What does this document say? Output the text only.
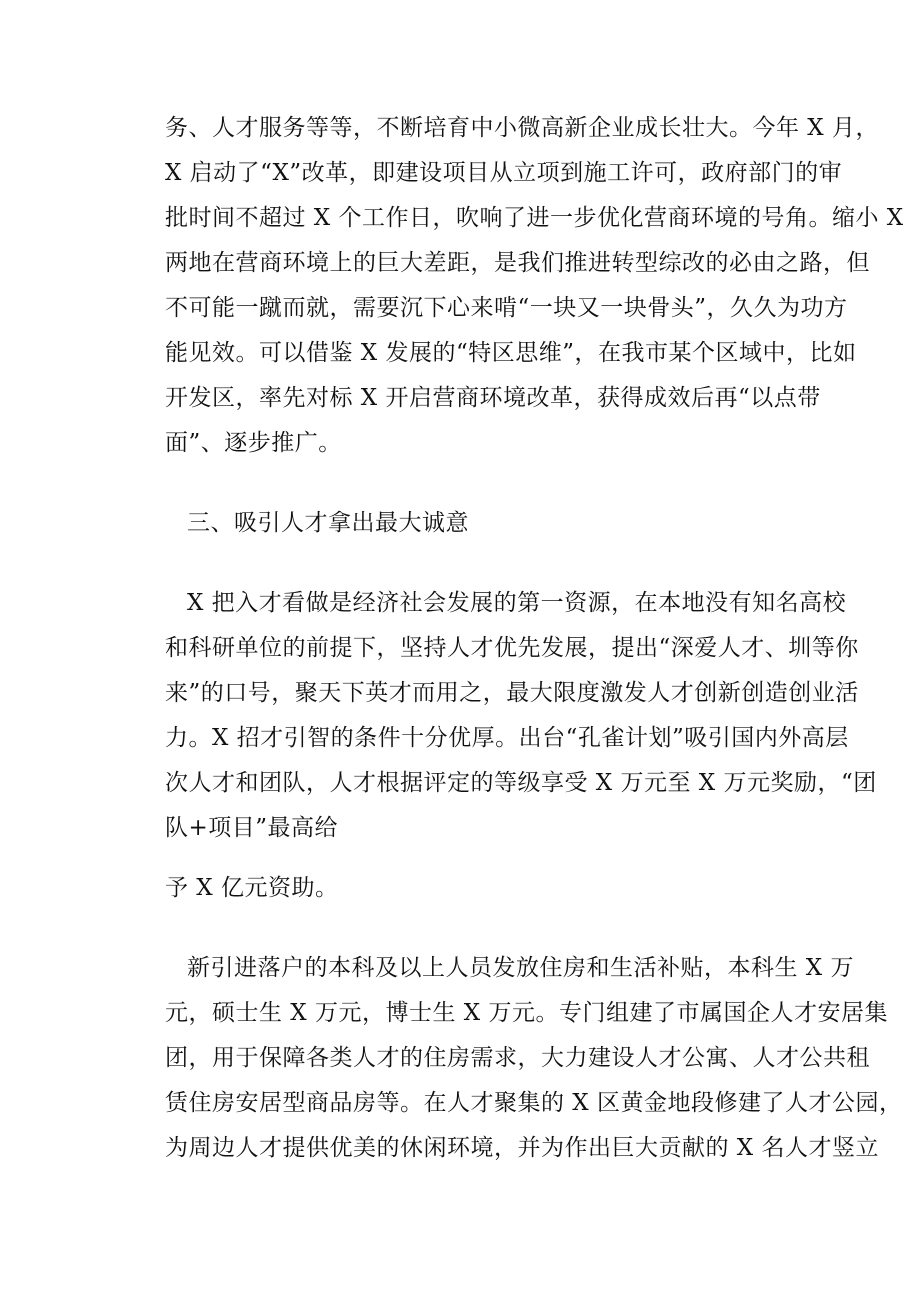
务、人才服务等等，不断培育中小微高新企业成长壮大。今年 X 月，
X 启动了“X”改革，即建设项目从立项到施工许可，政府部门的审
批时间不超过 X 个工作日，吹响了进一步优化营商环境的号角。缩小 X
两地在营商环境上的巨大差距，是我们推进转型综改的必由之路，但
不可能一蹴而就，需要沉下心来啃“一块又一块骨头”，久久为功方
能见效。可以借鉴 X 发展的“特区思维”，在我市某个区域中，比如
开发区，率先对标 X 开启营商环境改革，获得成效后再“以点带
面”、逐步推广。
三、吸引人才拿出最大诚意
X 把入才看做是经济社会发展的第一资源，在本地没有知名高校
和科研单位的前提下，坚持人才优先发展，提出“深爱人才、圳等你
来”的口号，聚天下英才而用之，最大限度激发人才创新创造创业活
力。X 招才引智的条件十分优厚。出台“孔雀计划”吸引国内外高层
次人才和团队，人才根据评定的等级享受 X 万元至 X 万元奖励，“团
队+项目”最高给
予 X 亿元资助。
新引进落户的本科及以上人员发放住房和生活补贴，本科生 X 万
元，硕士生 X 万元，博士生 X 万元。专门组建了市属国企人才安居集
团，用于保障各类人才的住房需求，大力建设人才公寓、人才公共租
赁住房安居型商品房等。在人才聚集的 X 区黄金地段修建了人才公园，
为周边人才提供优美的休闲环境，并为作出巨大贡献的 X 名人才竖立
